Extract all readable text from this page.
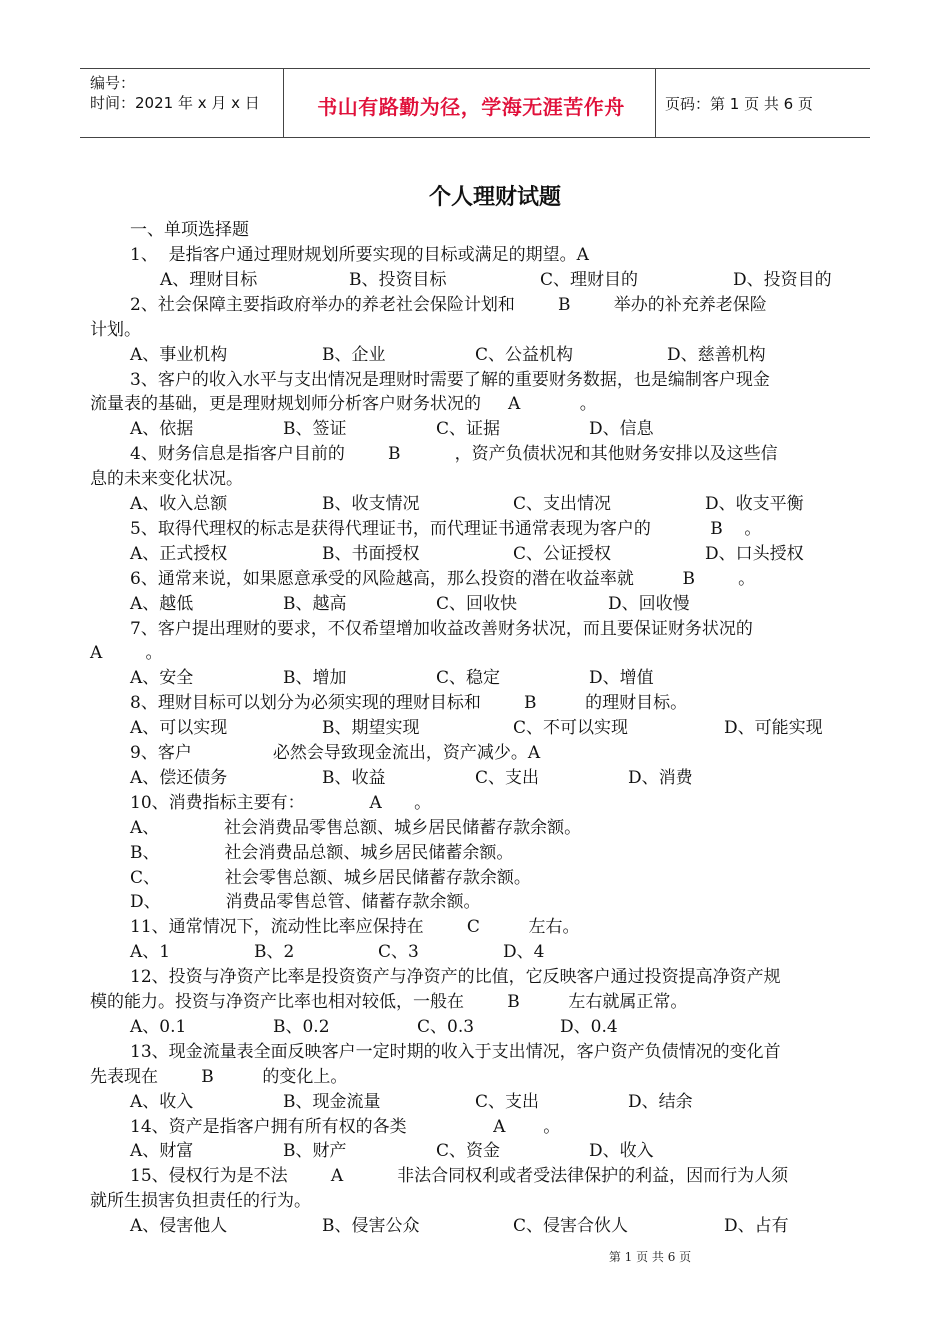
编号：
时间：2021 年 x 月 x 日	书山有路勤为径，学海无涯苦作舟	页码：第 1 页 共 6 页
个人理财试题
一、单项选择题
1、  是指客户通过理财规划所要实现的目标或满足的期望。A
A、理财目标	B、投资目标	C、理财目的	D、投资目的
2、社会保障主要指政府举办的养老社会保险计划和        B        举办的补充养老保险
计划。
A、事业机构	B、企业	C、公益机构	D、慈善机构
3、客户的收入水平与支出情况是理财时需要了解的重要财务数据，也是编制客户现金
流量表的基础，更是理财规划师分析客户财务状况的     A           。
A、依据	B、签证	C、证据	D、信息
4、财务信息是指客户目前的        B          ，资产负债状况和其他财务安排以及这些信
息的未来变化状况。
A、收入总额	B、收支情况	C、支出情况	D、收支平衡
5、取得代理权的标志是获得代理证书，而代理证书通常表现为客户的           B    。
A、正式授权	B、书面授权	C、公证授权	D、口头授权
6、通常来说，如果愿意承受的风险越高，那么投资的潜在收益率就         B        。
A、越低	B、越高	C、回收快	D、回收慢
7、客户提出理财的要求，不仅希望增加收益改善财务状况，而且要保证财务状况的
A        。
A、安全	B、增加	C、稳定	D、增值
8、理财目标可以划分为必须实现的理财目标和        B         的理财目标。
A、可以实现	B、期望实现	C、不可以实现	D、可能实现
9、客户               必然会导致现金流出，资产减少。A
A、偿还债务	B、收益	C、支出	D、消费
10、消费指标主要有：            A      。
A、            社会消费品零售总额、城乡居民储蓄存款余额。
B、            社会消费品总额、城乡居民储蓄余额。
C、            社会零售总额、城乡居民储蓄存款余额。
D、            消费品零售总管、储蓄存款余额。
11、通常情况下，流动性比率应保持在        C         左右。
A、1	B、2	C、3	D、4
12、投资与净资产比率是投资资产与净资产的比值，它反映客户通过投资提高净资产规
模的能力。投资与净资产比率也相对较低，一般在        B         左右就属正常。
A、0.1	B、0.2	C、0.3	D、0.4
13、现金流量表全面反映客户一定时期的收入于支出情况，客户资产负债情况的变化首
先表现在        B         的变化上。
A、收入	B、现金流量	C、支出	D、结余
14、资产是指客户拥有所有权的各类                A       。
A、财富	B、财产	C、资金	D、收入
15、侵权行为是不法        A          非法合同权利或者受法律保护的利益，因而行为人须
就所生损害负担责任的行为。
A、侵害他人	B、侵害公众	C、侵害合伙人	D、占有
第 1 页 共 6 页
